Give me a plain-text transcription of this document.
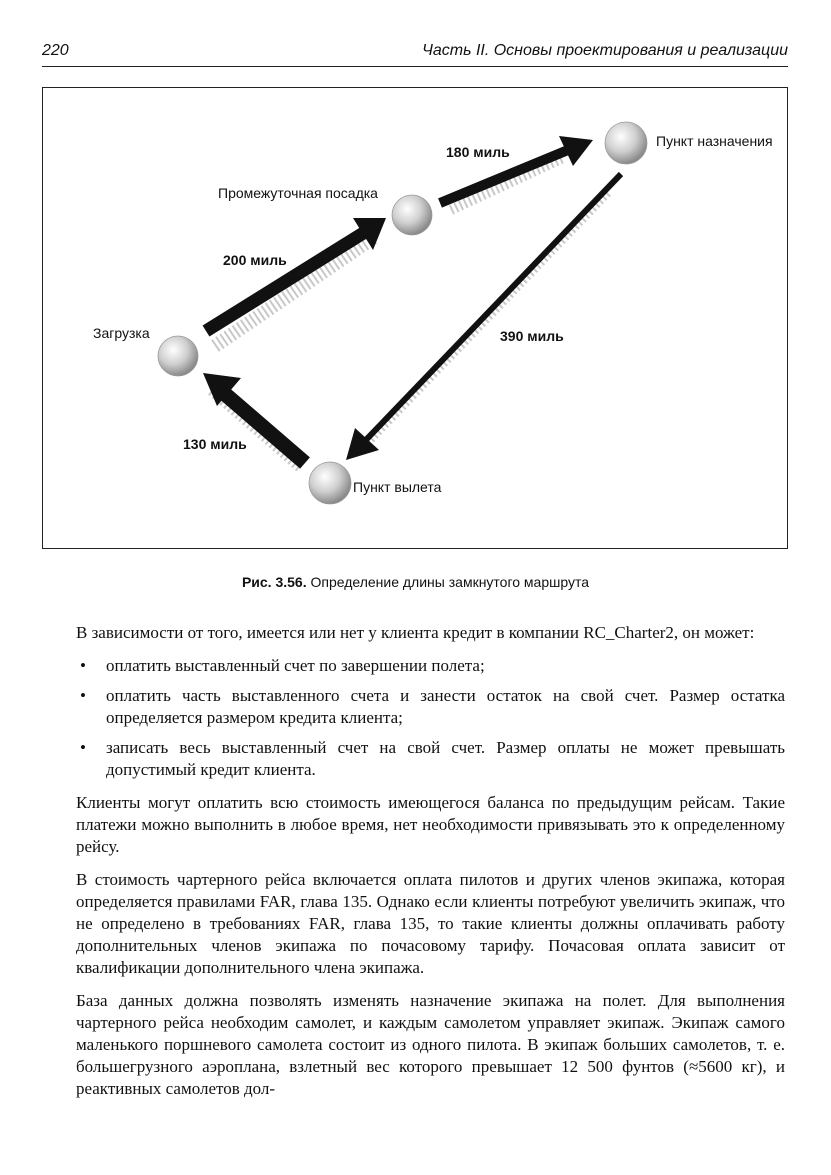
220	Часть II. Основы проектирования и реализации
Загрузка
Промежуточная посадка
Пункт назначения
Пункт вылета
200 миль
180 миль
390 миль
130 миль
Рис. 3.56. Определение длины замкнутого маршрута

В зависимости от того, имеется или нет у клиента кредит в компании RC_Charter2, он может:

• оплатить выставленный счет по завершении полета;
• оплатить часть выставленного счета и занести остаток на свой счет. Размер остатка определяется размером кредита клиента;
• записать весь выставленный счет на свой счет. Размер оплаты не может превышать допустимый кредит клиента.

Клиенты могут оплатить всю стоимость имеющегося баланса по предыдущим рейсам. Такие платежи можно выполнить в любое время, нет необходимости привязывать это к определенному рейсу.

В стоимость чартерного рейса включается оплата пилотов и других членов экипажа, которая определяется правилами FAR, глава 135. Однако если клиенты потребуют увеличить экипаж, что не определено в требованиях FAR, глава 135, то такие клиенты должны оплачивать работу дополнительных членов экипажа по почасовому тарифу. Почасовая оплата зависит от квалификации дополнительного члена экипажа.

База данных должна позволять изменять назначение экипажа на полет. Для выполнения чартерного рейса необходим самолет, и каждым самолетом управляет экипаж. Экипаж самого маленького поршневого самолета состоит из одного пилота. В экипаж больших самолетов, т. е. большегрузного аэроплана, взлетный вес которого превышает 12 500 фунтов (≈5600 кг), и реактивных самолетов дол-
